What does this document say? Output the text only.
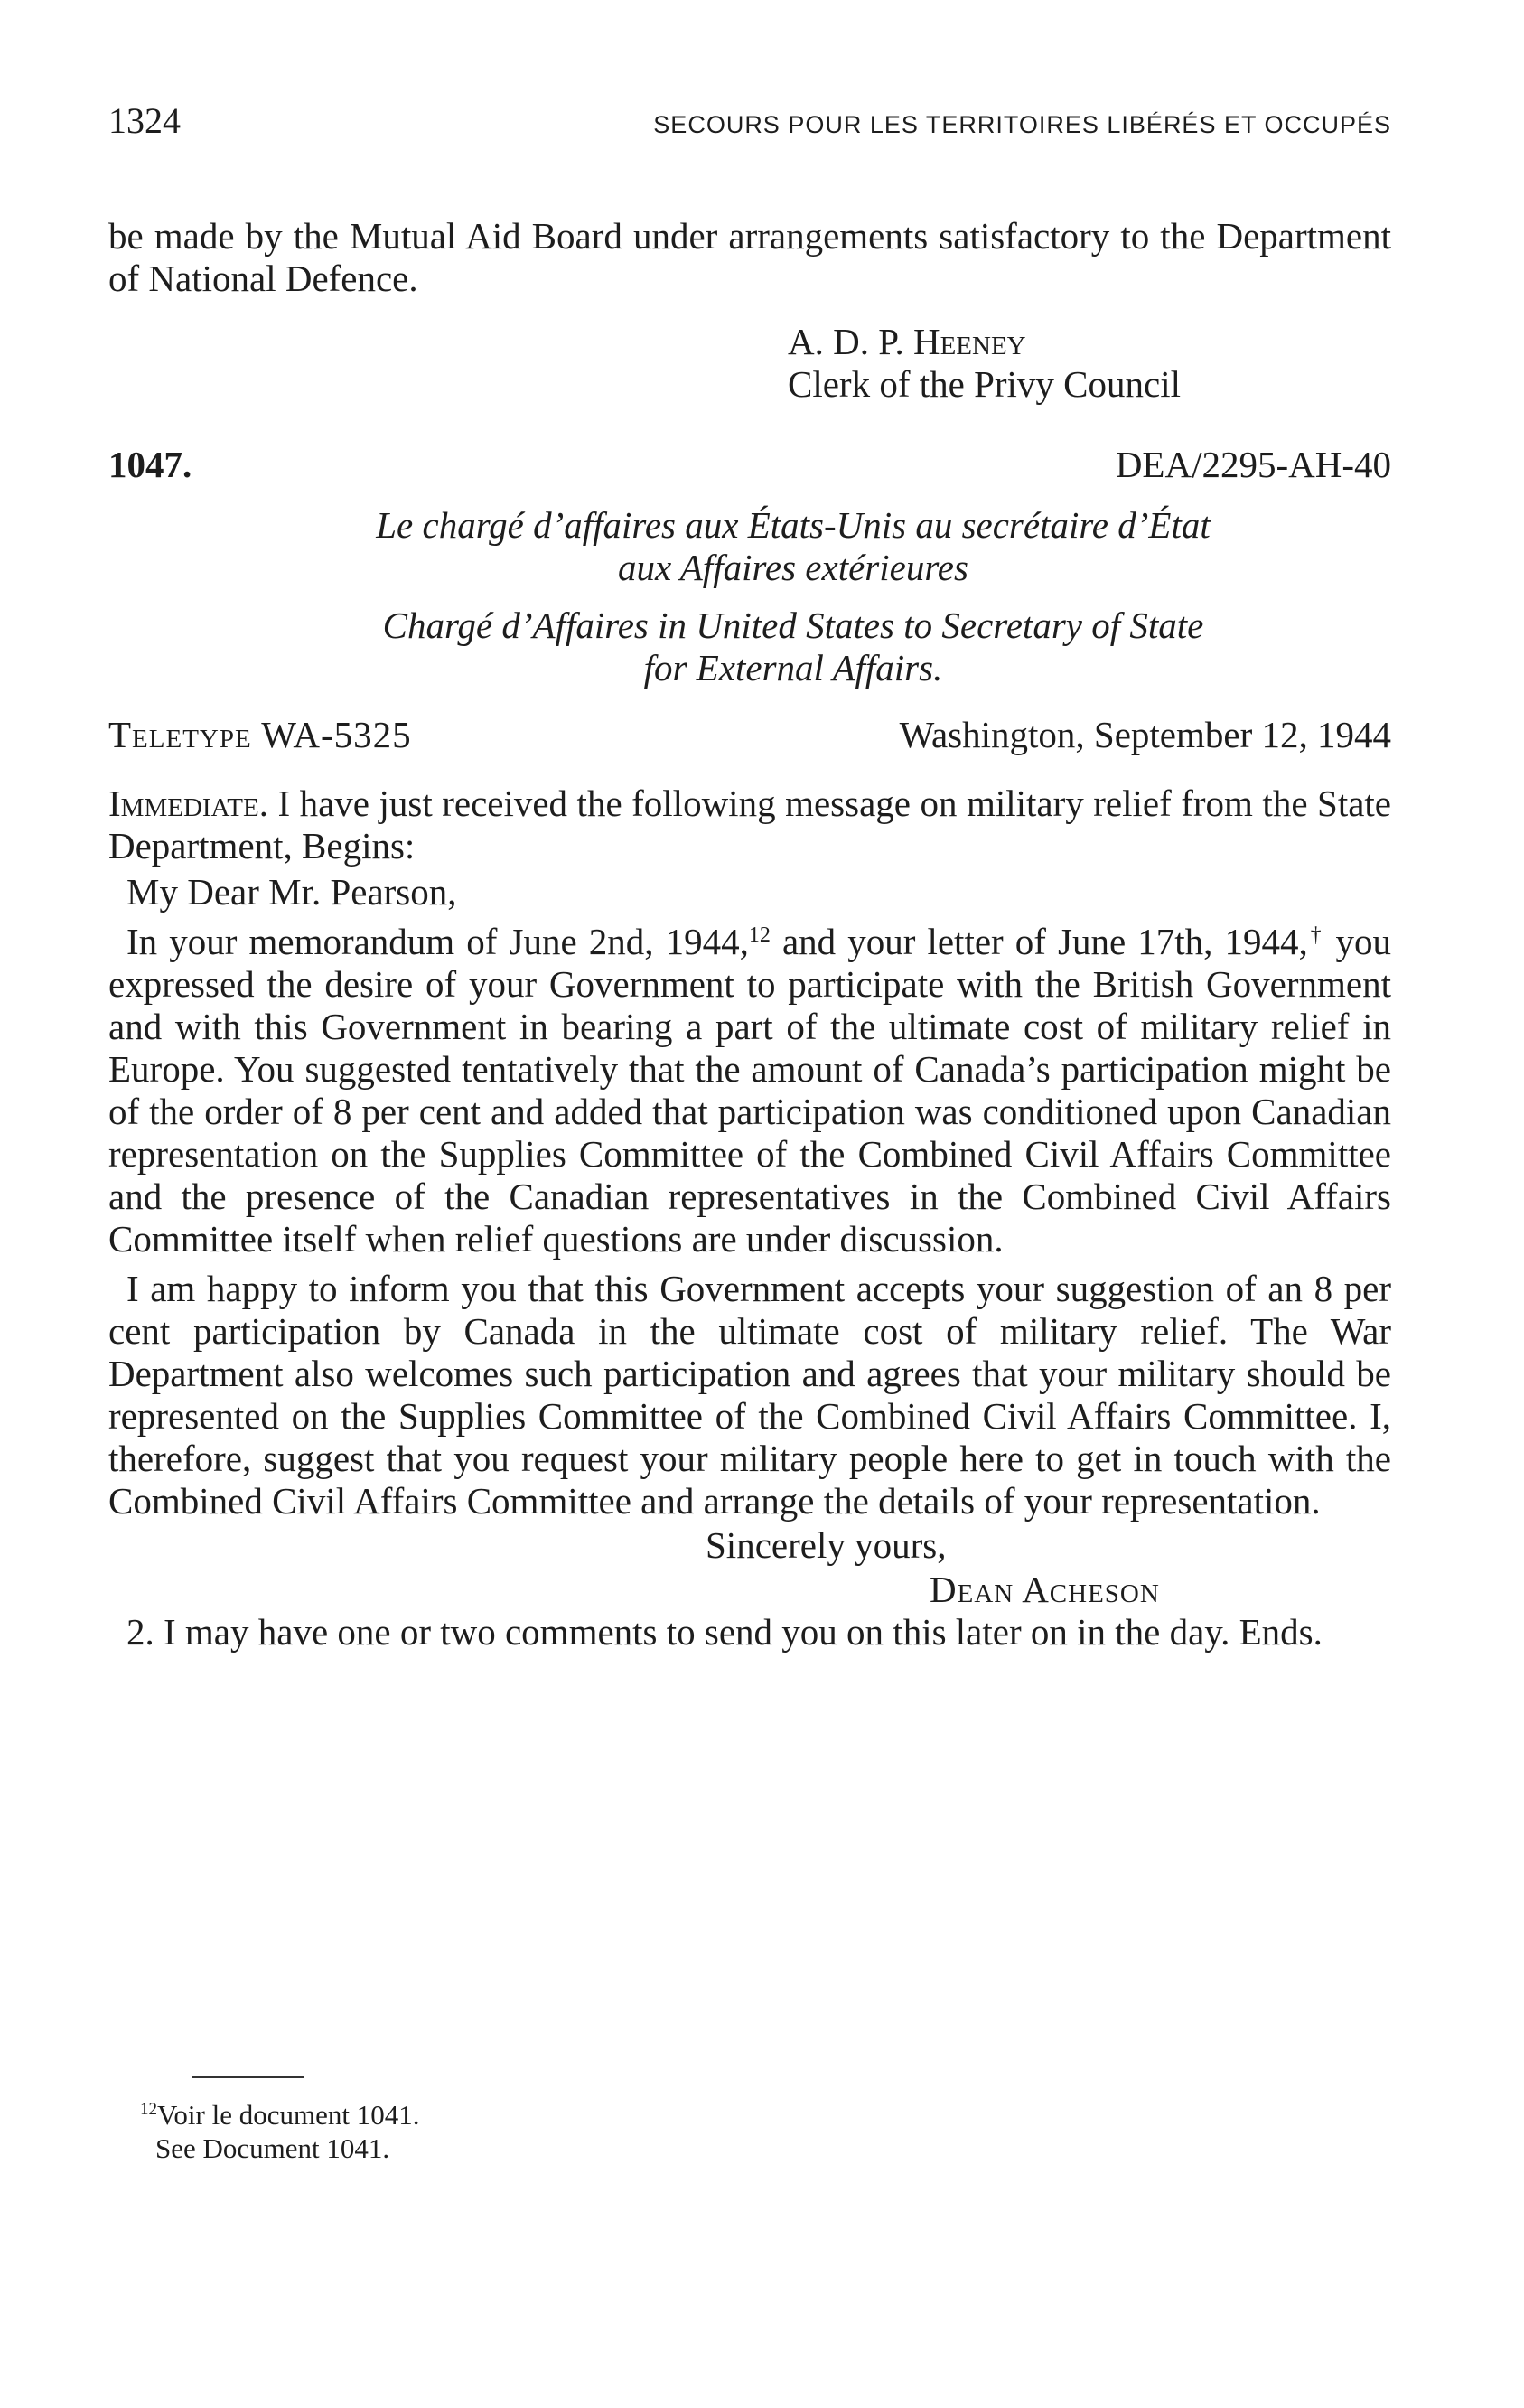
1324	SECOURS POUR LES TERRITOIRES LIBÉRÉS ET OCCUPÉS

be made by the Mutual Aid Board under arrangements satisfactory to the Department of National Defence.

A. D. P. Heeney
Clerk of the Privy Council
1047.	DEA/2295-AH-40
Le chargé d’affaires aux États-Unis au secrétaire d’État
aux Affaires extérieures
Chargé d’Affaires in United States to Secretary of State
for External Affairs.
Teletype WA-5325	Washington, September 12, 1944

Immediate. I have just received the following message on military relief from the State Department, Begins:

My Dear Mr. Pearson,

In your memorandum of June 2nd, 1944,12 and your letter of June 17th, 1944,† you expressed the desire of your Government to participate with the British Government and with this Government in bearing a part of the ultimate cost of military relief in Europe. You suggested tentatively that the amount of Canada’s participation might be of the order of 8 per cent and added that participation was conditioned upon Canadian representation on the Supplies Committee of the Combined Civil Affairs Committee and the presence of the Canadian representatives in the Combined Civil Affairs Committee itself when relief questions are under discussion.

I am happy to inform you that this Government accepts your suggestion of an 8 per cent participation by Canada in the ultimate cost of military relief. The War Department also welcomes such participation and agrees that your military should be represented on the Supplies Committee of the Combined Civil Affairs Committee. I, therefore, suggest that you request your military people here to get in touch with the Combined Civil Affairs Committee and arrange the details of your representation.

Sincerely yours,
Dean Acheson

2. I may have one or two comments to send you on this later on in the day. Ends.

$^{12}$Voir le document 1041.
See Document 1041.
